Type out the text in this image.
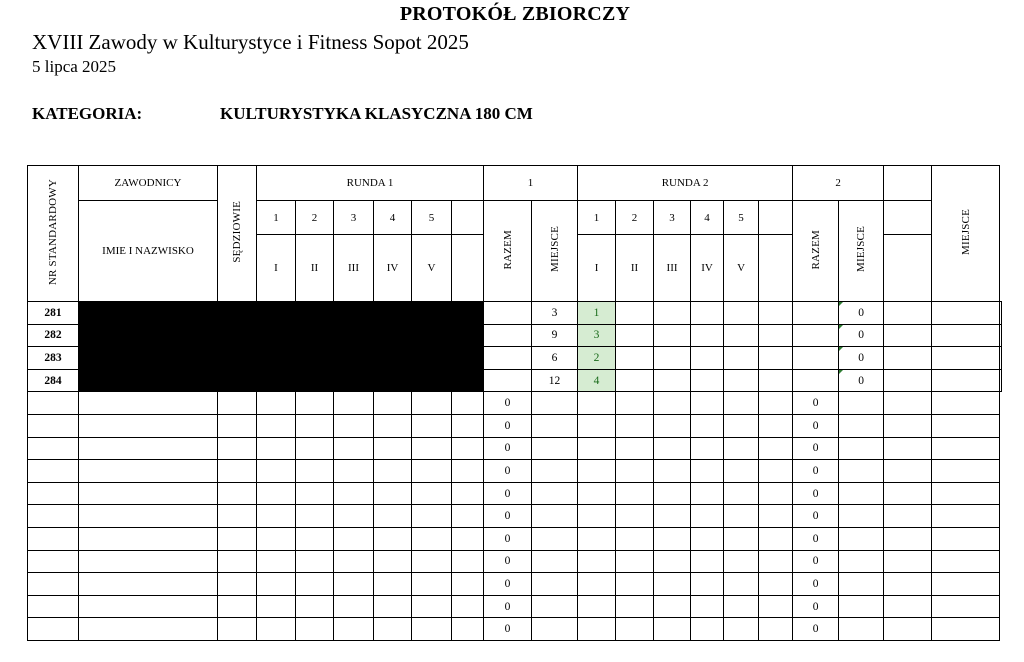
PROTOKÓŁ ZBIORCZY
XVIII Zawody w Kulturystyce i Fitness Sopot 2025
5 lipca 2025
KATEGORIA:	KULTURYSTYKA KLASYCZNA 180 CM
NR STANDARDOWY	ZAWODNICY	SĘDZIOWIE	RUNDA 1						1		RUNDA 2						2			MIEJSCE	
	IMIE I NAZWISKO		1	2	3	4	5		RAZEM	MIEJSCE	1	2	3	4	5		RAZEM	MIEJSCE			
			I	II	III	IV	V				I	II	III	IV	V						
281										3	1							0			
282										9	3							0			
283										6	2							0			
284										12	4							0			
									0								0				
									0								0				
									0								0				
									0								0				
									0								0				
									0								0				
									0								0				
									0								0				
									0								0				
									0								0				
									0								0				
